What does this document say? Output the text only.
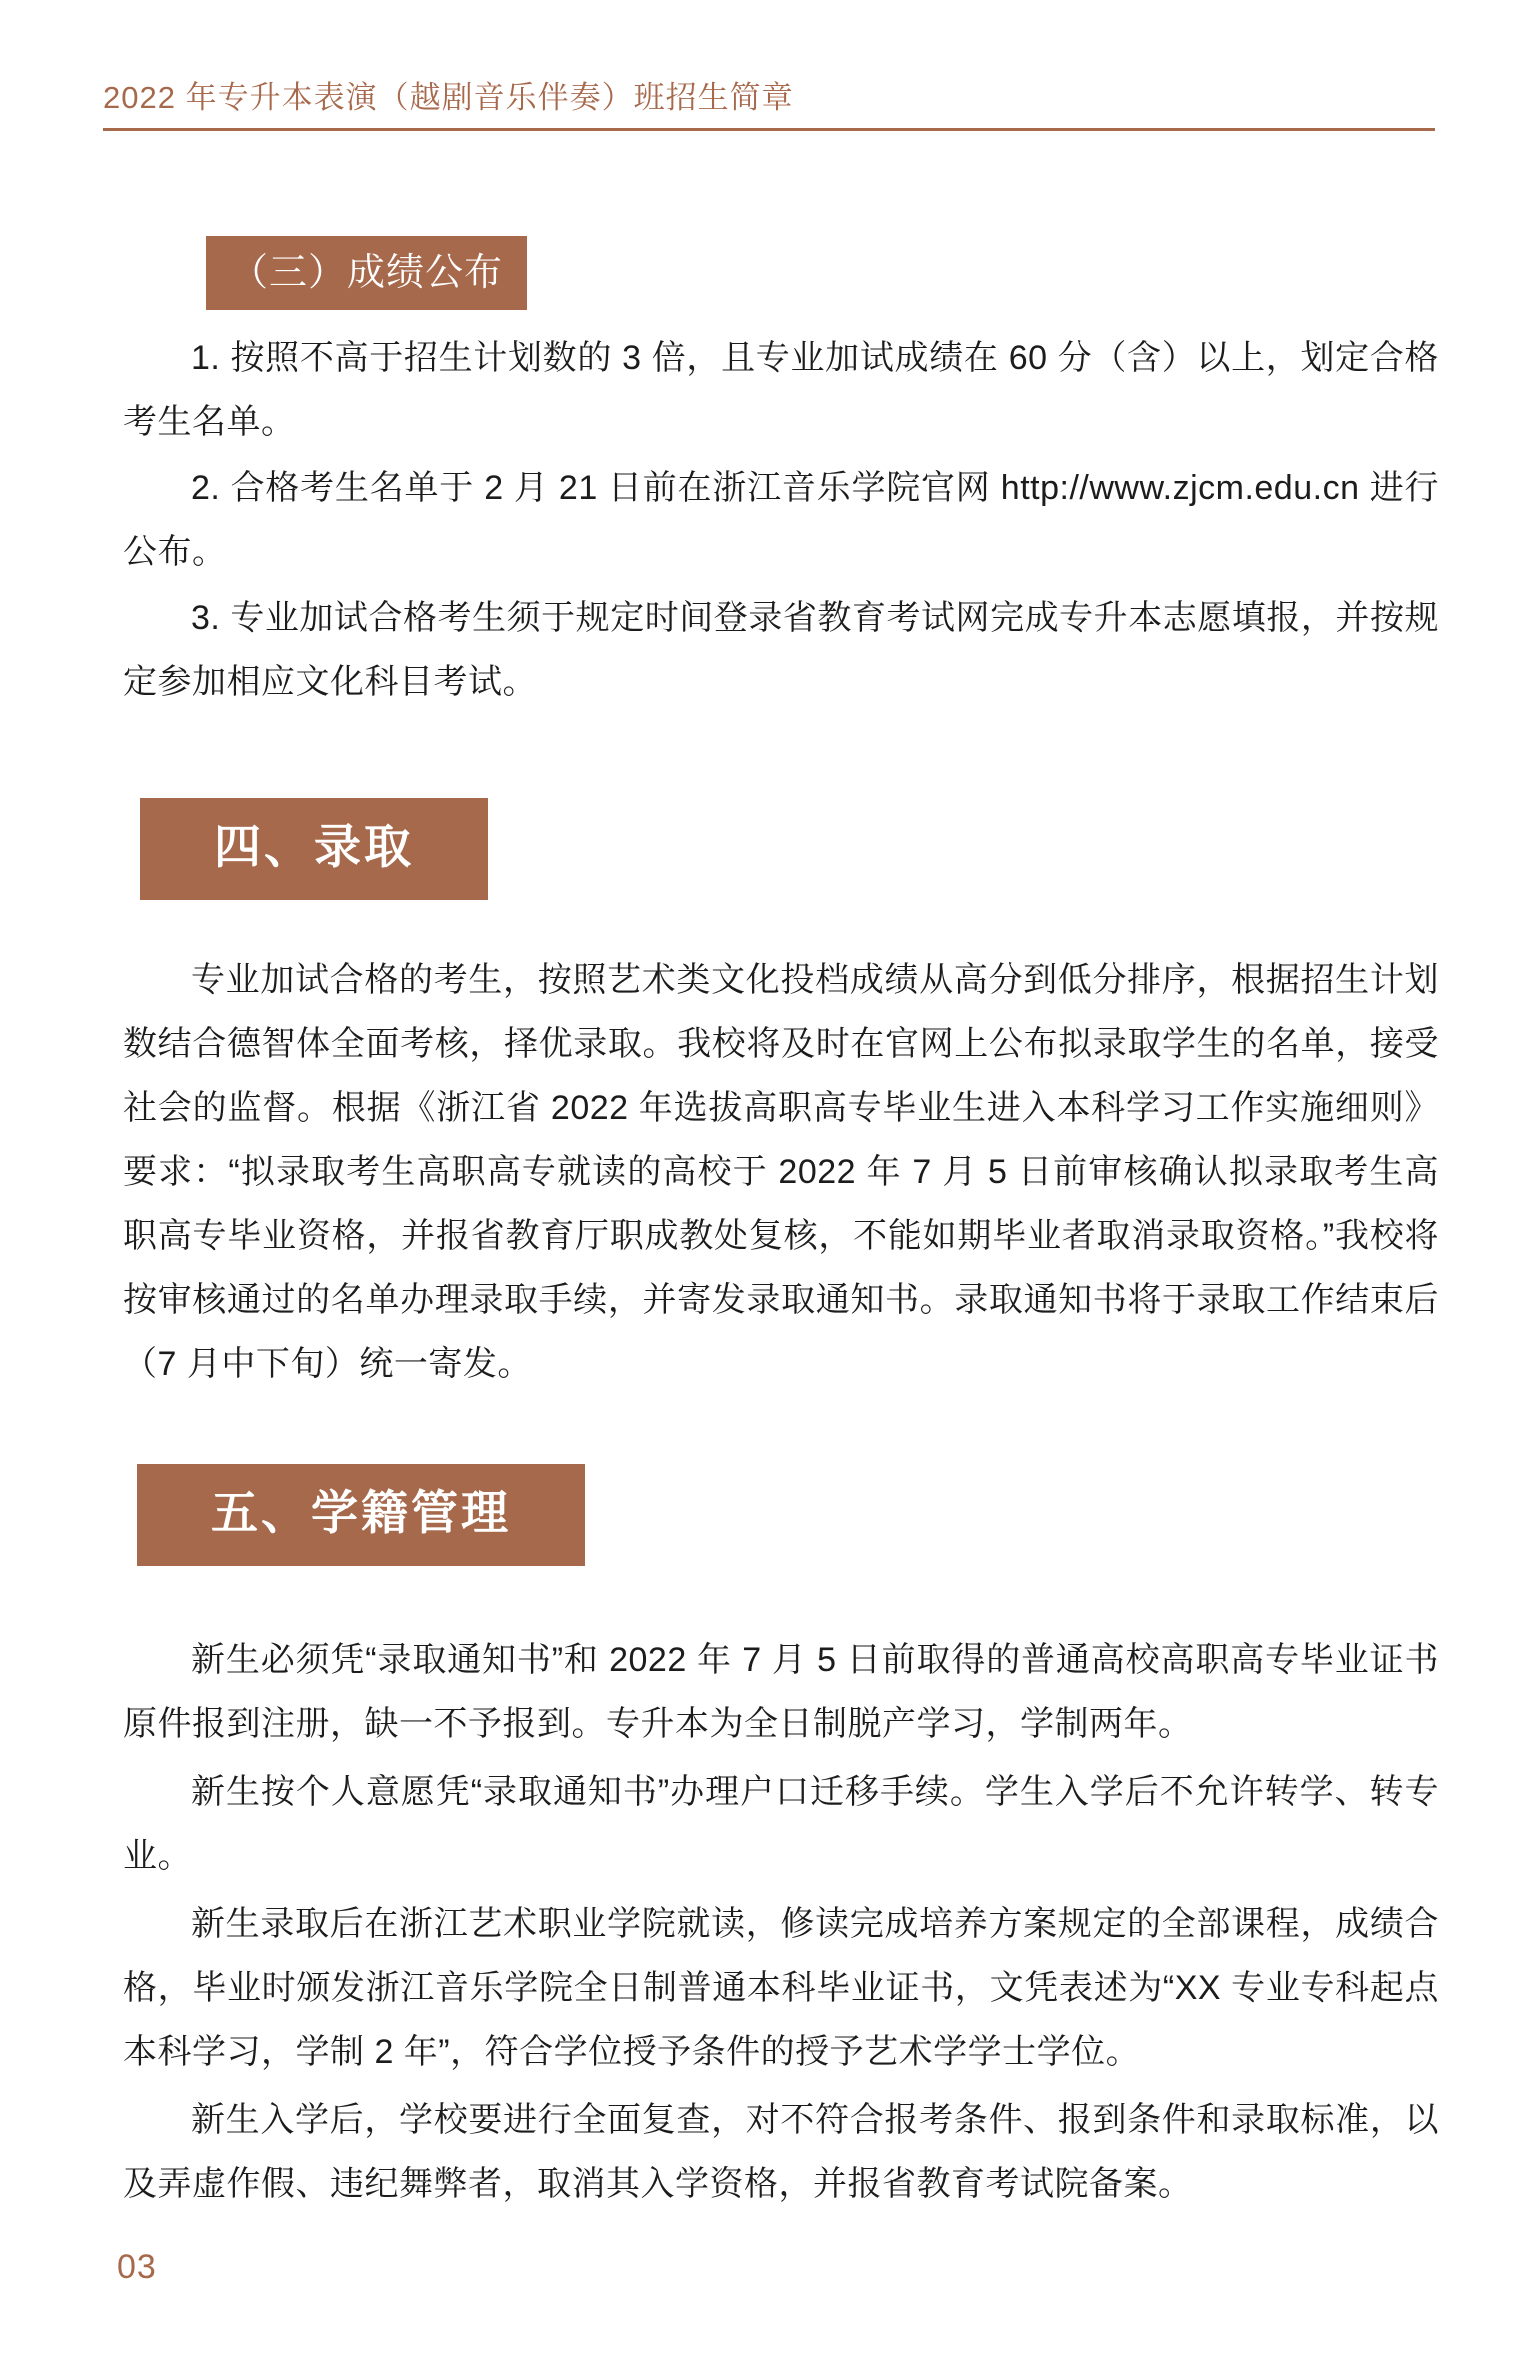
2022 年专升本表演（越剧音乐伴奏）班招生简章
（三）成绩公布

1. 按照不高于招生计划数的 3 倍，且专业加试成绩在 60 分（含）以上，划定合格考生名单。

2. 合格考生名单于 2 月 21 日前在浙江音乐学院官网 http://www.zjcm.edu.cn 进行公布。

3. 专业加试合格考生须于规定时间登录省教育考试网完成专升本志愿填报，并按规定参加相应文化科目考试。

四、录取

专业加试合格的考生，按照艺术类文化投档成绩从高分到低分排序，根据招生计划数结合德智体全面考核，择优录取。我校将及时在官网上公布拟录取学生的名单，接受社会的监督。根据《浙江省 2022 年选拔高职高专毕业生进入本科学习工作实施细则》要求：“拟录取考生高职高专就读的高校于 2022 年 7 月 5 日前审核确认拟录取考生高职高专毕业资格，并报省教育厅职成教处复核，不能如期毕业者取消录取资格。”我校将按审核通过的名单办理录取手续，并寄发录取通知书。录取通知书将于录取工作结束后（7 月中下旬）统一寄发。

五、学籍管理

新生必须凭“录取通知书”和 2022 年 7 月 5 日前取得的普通高校高职高专毕业证书原件报到注册，缺一不予报到。专升本为全日制脱产学习，学制两年。

新生按个人意愿凭“录取通知书”办理户口迁移手续。学生入学后不允许转学、转专业。

新生录取后在浙江艺术职业学院就读，修读完成培养方案规定的全部课程，成绩合格，毕业时颁发浙江音乐学院全日制普通本科毕业证书，文凭表述为“XX 专业专科起点本科学习，学制 2 年”，符合学位授予条件的授予艺术学学士学位。

新生入学后，学校要进行全面复查，对不符合报考条件、报到条件和录取标准，以及弄虚作假、违纪舞弊者，取消其入学资格，并报省教育考试院备案。

03
